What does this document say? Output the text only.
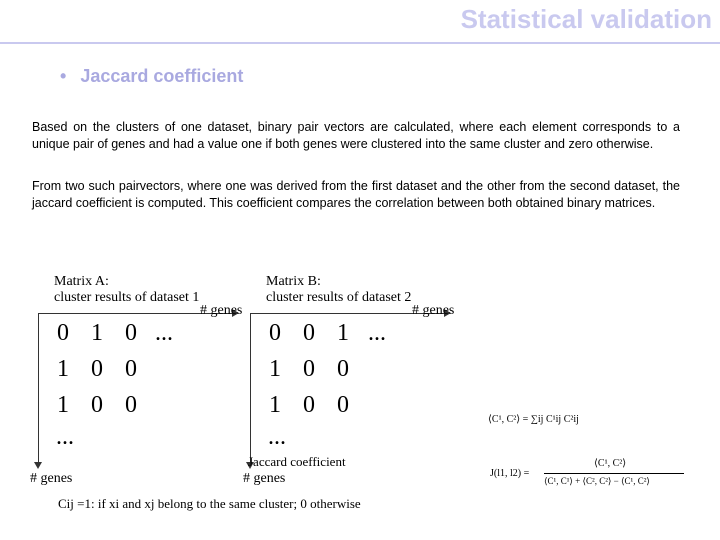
Statistical validation
• Jaccard coefficient
Based on the clusters of one dataset, binary pair vectors are calculated, where each element corresponds to a unique pair of genes and had a value one if both genes were clustered into the same cluster and zero otherwise.
From two such pairvectors, where one was derived from the first dataset and the other from the second dataset, the jaccard coefficient is computed. This coefficient compares the correlation between both obtained binary matrices.
Matrix A:
cluster results of dataset 1
# genes
# genes
0 1 0 ...
1 0 0
1 0 0
...
Matrix B:
cluster results of dataset 2
# genes
# genes
0 0 1 ...
1 0 0
1 0 0
...
Jaccard coefficient
Cij =1: if xi and xj belong to the same cluster; 0 otherwise
⟨C¹, C²⟩ = ∑ij C¹ij C²ij
J(l1, l2) =
⟨C¹, C²⟩
⟨C¹, C¹⟩ + ⟨C², C²⟩ − ⟨C¹, C²⟩
